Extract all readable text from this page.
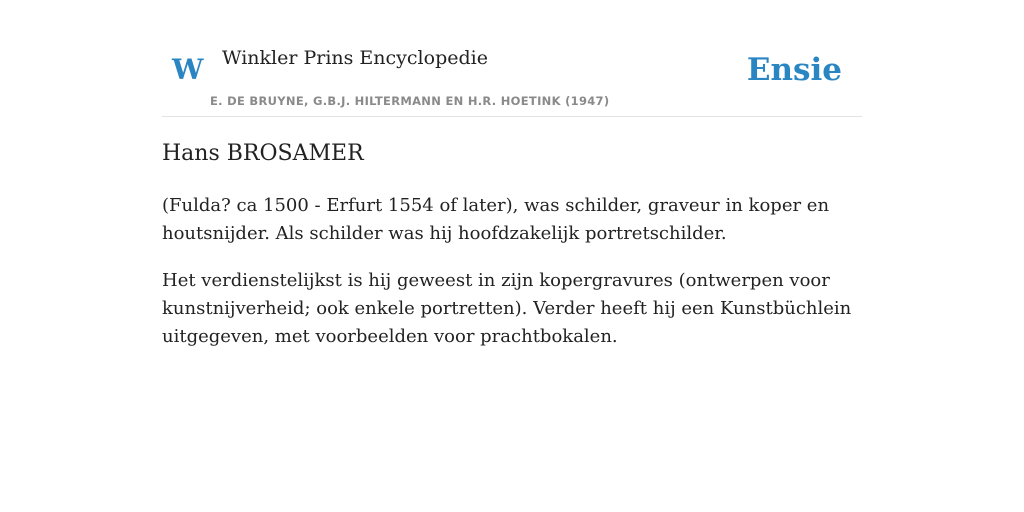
W Winkler Prins Encyclopedie
E. DE BRUYNE, G.B.J. HILTERMANN EN H.R. HOETINK (1947)
Ensie
Hans BROSAMER

(Fulda? ca 1500 - Erfurt 1554 of later), was schilder, graveur in koper en houtsnijder. Als schilder was hij hoofdzakelijk portretschilder.

Het verdienstelijkst is hij geweest in zijn kopergravures (ontwerpen voor kunstnijverheid; ook enkele portretten). Verder heeft hij een Kunstbüchlein uitgegeven, met voorbeelden voor prachtbokalen.
